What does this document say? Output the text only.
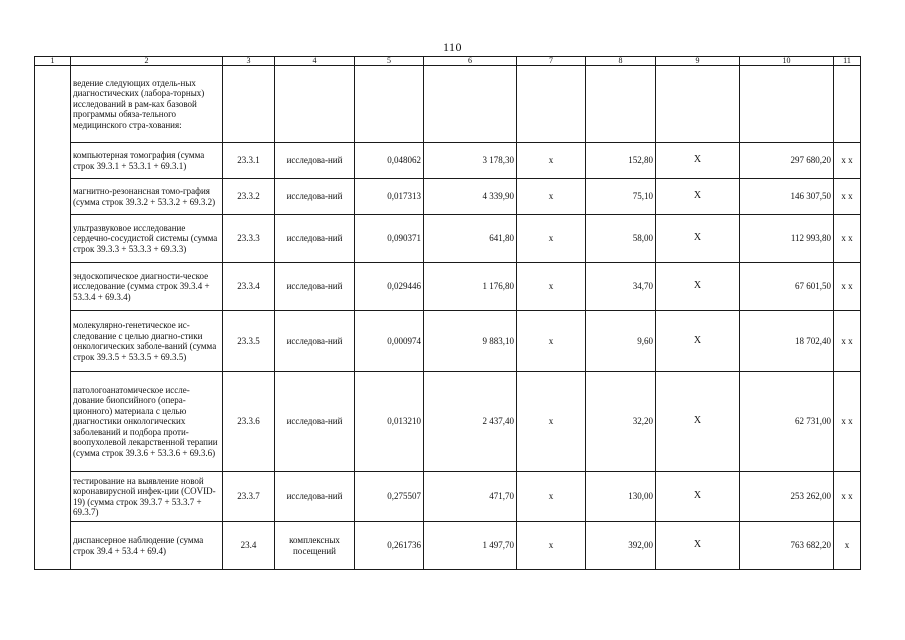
110
1	2	3	4	5	6	7	8	9	10	11
	ведение следующих отдель-ных диагностических (лабора-торных) исследований в рам-ках базовой программы обяза-тельного медицинского стра-хования:									
	компьютерная томография (сумма строк 39.3.1 + 53.3.1 + 69.3.1)	23.3.1	исследова-ний	0,048062	3 178,30	х	152,80	Х	297 680,20	х х
	магнитно-резонансная томо-графия (сумма строк 39.3.2 + 53.3.2 + 69.3.2)	23.3.2	исследова-ний	0,017313	4 339,90	х	75,10	Х	146 307,50	х х
	ультразвуковое исследование сердечно-сосудистой системы (сумма строк 39.3.3 + 53.3.3 + 69.3.3)	23.3.3	исследова-ний	0,090371	641,80	х	58,00	Х	112 993,80	х х
	эндоскопическое диагности-ческое исследование (сумма строк 39.3.4 + 53.3.4 + 69.3.4)	23.3.4	исследова-ний	0,029446	1 176,80	х	34,70	Х	67 601,50	х х
	молекулярно-генетическое ис-следование с целью диагно-стики онкологических заболе-ваний (сумма строк 39.3.5 + 53.3.5 + 69.3.5)	23.3.5	исследова-ний	0,000974	9 883,10	х	9,60	Х	18 702,40	х х
	патологоанатомическое иссле-дование биопсийного (опера-ционного) материала с целью диагностики онкологических заболеваний и подбора проти-воопухолевой лекарственной терапии (сумма строк 39.3.6 + 53.3.6 + 69.3.6)	23.3.6	исследова-ний	0,013210	2 437,40	х	32,20	Х	62 731,00	х х
	тестирование на выявление новой коронавирусной инфек-ции (COVID-19) (сумма строк 39.3.7 + 53.3.7 + 69.3.7)	23.3.7	исследова-ний	0,275507	471,70	х	130,00	Х	253 262,00	х х
	диспансерное наблюдение (сумма строк 39.4 + 53.4 + 69.4)	23.4	комплексных посещений	0,261736	1 497,70	х	392,00	Х	763 682,20	х
